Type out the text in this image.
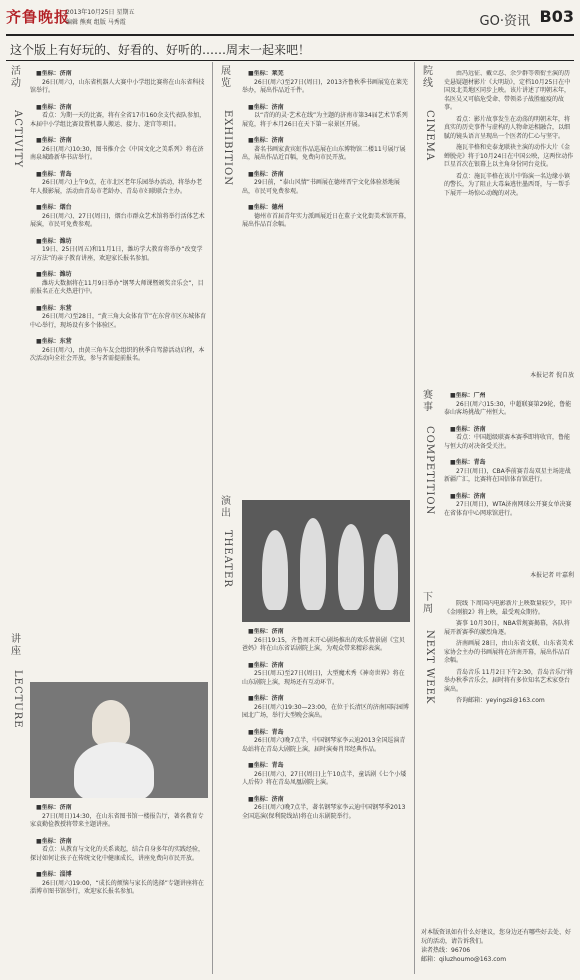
齐鲁晚报
2013年10月25日 星期五
编辑 熊爽 组版 马秀霞	GO·资讯 B03
这个版上有好玩的、好看的、好听的……周末一起来吧！
活动
ACTIVITY
■坐标：济南
26日(周六)，山东省机器人大赛中小学组比赛将在山东省科技馆举行。
■坐标：济南
看点：为期一天的比赛，将有全省17市160余支代表队参加，本届中小学组比赛设置机器人搬运、接力、迷宫等项目。
■坐标：济南
26日(周六)10:30，图书推介会《中国文化之美系列》将在济南泉城路新华书店举行。
■坐标：青岛
26日(周六)上午9点，在市北区老年乐园举办活动，将举办老年人摄影展，活动由青岛市老龄办、青岛市妇联联合主办。
■坐标：烟台
26日(周六)、27日(周日)，烟台市群众艺术馆将举行活体艺术展演，市民可免费参观。
■坐标：潍坊
19日、25日(周五)和11月1日，潍坊学大教育将举办“改变学习方法”的亲子教育讲座，欢迎家长报名参加。
■坐标：潍坊
潍坊大数据将在11月9日举办“钢琴大师课暨颁奖音乐会”，目前报名正在火热进行中。
■坐标：东营
26日(周六)至28日，“黄三角大众体育节”在东营市区东城体育中心举行，现场设有多个体验区。
■坐标：东营
26日(周六)，由黄三角车友会组织的秋季自驾游活动启程，本次活动向全社会开放，参与者需提前报名。
讲座
LECTURE
■坐标：济南
27日(周日)14:30，在山东省图书馆一楼报告厅，著名教育专家袁勤俭教授将带来主题讲座。
■坐标：济南
看点：从教育与文化的关系谈起，结合自身多年的实践经验，探讨如何让孩子在传统文化中健康成长，讲座免费向市民开放。
■坐标：淄博
26日(周六)19:00，“成长的烦恼与家长的选择”专题讲座将在淄博市图书馆举行，欢迎家长报名参加。
展览
EXHIBITION
■坐标：莱芜
26日(周六)至27日(周日)，2013齐鲁秋季书画展览在莱芜举办，展出作品近千件。
■坐标：济南
以“青的的灵·艺术在线”为主题的济南市第34届艺术节系列展览，将于本月26日在天下第一泉景区开展。
■坐标：济南
著名书画家黄宾虹作品巡展在山东博物馆二楼11号展厅展出，展出作品近百幅，免费向市民开放。
■坐标：济南
29日前，“泰山风情”书画展在德州晋宁文化体验基地展出，市民可免费参观。
■坐标：德州
德州市首届青年实力派画展近日在董子文化街美术馆开幕，展出作品百余幅。
演出
THEATER
■坐标：济南
26日19:15，齐鲁周末开心剧场推出的欢乐情景剧《宝贝爸妈》将在山东省话剧院上演，为观众带来精彩表演。
■坐标：济南
25日(周五)至27日(周日)，大型魔术秀《神奇世界》将在山东剧院上演，现场还有互动环节。
■坐标：济南
26日(周六)19:30—23:00，在位于长清区的济南国际园博园北广场，举行大型晚会演出。
■坐标：青岛
26日(周六)晚7点半，中国钢琴家李云迪2013全国巡演青岛站将在青岛大剧院上演，届时演奏肖邦经典作品。
■坐标：青岛
26日(周六)、27日(周日)上午10点半，童话剧《七个小矮人后传》将在青岛凤凰剧院上演。
■坐标：济南
26日(周六)晚7点半，著名钢琴家李云迪中国钢琴季2013全国巡演(保利院线站)将在山东剧院举行。
院线
CINEMA

由冯远征、戴立忍、余少群等领衔主演的历史悬疑题材影片《大明劫》，定档10月25日在中国及北美地区同步上映。该片讲述了明朝末年，名医吴又可临危受命、带领弟子战胜瘟疫的故事。

看点：影片故事发生在动荡的明朝末年，将真实的历史事件与虚构的人物命运相融合，以细腻的镜头语言呈现出一个医者的仁心与坚守。

施瓦辛格和史泰龙联袂主演的动作大片《金蝉脱壳》将于10月24日在中国公映，这两位动作巨星首次在银幕上以主角身份同台竞技。

看点：施瓦辛格在该片中饰演一名边缘小镇的警长，为了阻止大毒枭逃往墨西哥，与一帮手下展开一场惊心动魄的对决。

本报记者 倪自放
赛事
COMPETITION
■坐标：广州
26日(周六)15:30，中超联赛第29轮，鲁能泰山客场挑战广州恒大。
■坐标：济南
看点：中国超级联赛本赛季即将收官，鲁能与恒大的对决备受关注。
■坐标：青岛
27日(周日)，CBA季前赛青岛双星主场迎战新疆广汇，比赛将在国信体育馆进行。
■坐标：济南
27日(周日)，WTA济南网球公开赛女单决赛在省体育中心网球馆进行。
本报记者 叶嘉利
下周
NEXT WEEK

院线 下周国内电影新片上映数量较少，其中《金刚狼2》将上映，最受观众期待。

赛事 10月30日，NBA常规赛揭幕，各队将展开新赛季的激烈角逐。

济南画展 28日，由山东省文联、山东省美术家协会主办的书画展将在济南开幕，展出作品百余幅。

青岛音乐 11月2日下午2:30，青岛音乐厅将举办秋季音乐会，届时将有多位知名艺术家登台演出。

咨询邮箱：yeyingzii@163.com

对本版资讯如有什么好建议，您身边还有哪些好去处、好玩的活动，请告诉我们。
读者热线：96706
邮箱：qiluzhoumo@163.com
